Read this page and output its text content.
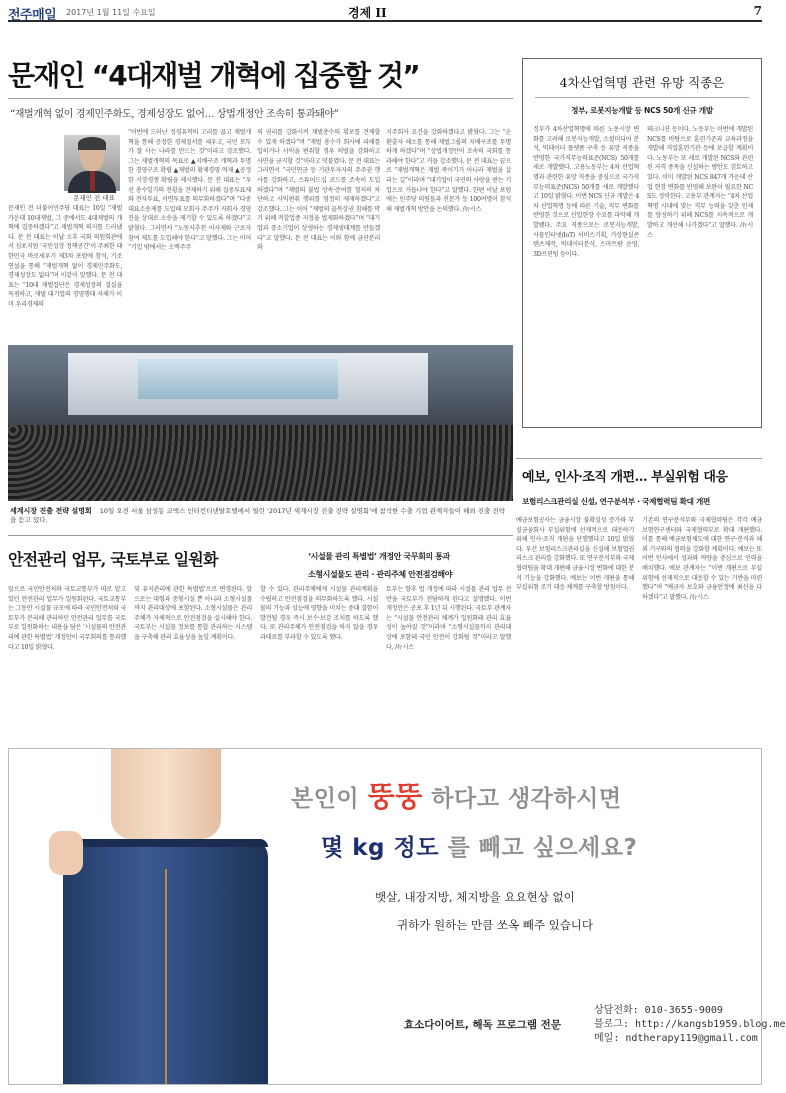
전주매일 2017년 1월 11일 수요일	경제 II	7
문재인 “4대재벌 개혁에 집중할 것”

“재벌개혁 없이 경제민주화도, 경제성장도 없어… 상법개정안 조속히 통과돼야”

문재인 전 대표
문재인 전 더불어민주당 대표는 10일 “재벌 가운데 10대재벌, 그 중에서도 4대재벌의 개혁에 집중하겠다”고 재벌개혁 의지를 드러냈다. 문 전 대표는 이날 오후 국회 의원회관에서 심포지엄 ‘국민성장 정책공간’이 주최한 대한민국 바로세우기 제3차 포럼에 참석, 기조연설을 통해 “재벌개혁 없이 경제민주화도, 경제성장도 없다”며 이같이 말했다. 문 전 대표는 “10대 재벌집단은 경제성장의 결실을 독점하고, 재벌 대기업의 경영행태 자체가 이미 우리경제의
“이번에 드러난 정경유착의 고리를 끊고 재벌개혁을 통해 공정한 경제질서를 세우고, 국민 모두가 잘 사는 나라를 만드는 것”이라고 강조했다. 그는 재벌개혁의 목표로 ▲지배구조 개혁과 투명한 경영구조 확립 ▲재벌의 황제경영 억제 ▲공정한 시장경쟁 확립을 제시했다. 문 전 대표는 “우선 총수일가의 전횡을 견제하기 위해 집중투표제와 전자투표, 서면투표를 의무화하겠다”며 “다중대표소송제를 도입해 모회사 주주가 자회사 경영진을 상대로 소송을 제기할 수 있도록 하겠다”고 밝혔다. 그러면서 “노동자추천 이사제와 근로자 참여 제도를 도입해야 한다”고 말했다. 그는 이어 “기업 밖에서는 소액주주
의 권리를 강화시켜 재벌총수의 횡포를 견제할 수 있게 하겠다”며 “재벌 총수가 회사에 피해를 입히거나 사익을 편취할 경우 처벌을 강화하고 사면을 금지할 것”이라고 덧붙였다. 문 전 대표는 그러면서 “국민연금 등 기관투자자의 주주권 행사를 강화하고, 스튜어드십 코드를 조속히 도입하겠다”며 “재벌의 불법 상속·증여를 철저히 차단하고 사익편취 행위를 엄정히 제재하겠다”고 강조했다. 그는 이어 “재벌의 골목상권 침해를 막기 위해 적합업종 지정을 법제화하겠다”며 “대기업과 중소기업이 상생하는 경제생태계를 만들겠다”고 말했다. 문 전 대표는 이와 함께 금산분리와
지주회사 요건을 강화하겠다고 밝혔다. 그는 “순환출자 해소를 통해 재벌그룹의 지배구조를 투명하게 하겠다”며 “상법개정안이 조속히 국회를 통과해야 한다”고 거듭 강조했다. 문 전 대표는 끝으로 “재벌개혁은 재벌 죽이기가 아니라 재벌을 살리는 길”이라며 “대기업이 국민의 사랑을 받는 기업으로 거듭나야 한다”고 말했다. 한편 이날 포럼에는 민주당 의원들과 전문가 등 100여명이 참석해 재벌개혁 방안을 논의했다. /뉴시스
세계시장 진출 전략 설명회 10일 오전 서울 삼성동 코엑스 인터컨티넨탈호텔에서 열린 ‘2017년 세계시장 진출 전략 설명회’에 참석한 수출 기업 관계자들이 해외 진출 전략을 듣고 있다.
4차산업혁명 관련 유망 직종은
정부, 로봇지능개발 등 NCS 50개 신규 개발
정부가 4차산업혁명에 따른 노동시장 변화를 고려해 로봇지능개발, 소셜미디어 분석, 빅데이터 플랫폼 구축 등 유망 직종을 반영한 국가직무능력표준(NCS) 50개를 새로 개발했다. 고용노동부는 4차 산업혁명과 관련한 유망 직종을 중심으로 국가직무능력표준(NCS) 50개를 새로 개발했다고 10일 밝혔다. 이번 NCS 신규 개발은 4차 산업혁명 등에 따른 기술, 직무 변화를 반영한 것으로 산업현장 수요를 파악해 개발됐다. 주요 직종으로는 로봇지능개발, 사물인터넷(IoT) 서비스기획, 가상현실콘텐츠제작, 빅데이터분석, 스마트팜 운영, 3D프린팅 등이다.
테크니션 등이다. 노동부는 이번에 개발된 NCS를 바탕으로 훈련기준과 교육과정을 개발해 직업훈련기관 등에 보급할 계획이다. 노동부는 또 새로 개발된 NCS와 관련된 자격 종목을 신설하는 방안도 검토하고 있다. 이미 개발된 NCS 847개 가운데 산업 현장 변화를 반영해 보완이 필요한 NCS도 정비한다. 고용부 관계자는 “4차 산업혁명 시대에 맞는 직무 능력을 갖춘 인재를 양성하기 위해 NCS를 지속적으로 개발하고 개선해 나가겠다”고 말했다. /뉴시스
예보, 인사·조직 개편… 부실위험 대응

보험리스크관리실 신설, 연구분석부 · 국제협력팀 확대 개편

예금보험공사는 금융시장 불확실성 증가와 부실금융회사 부실위험에 선제적으로 대응하기 위해 인사·조직 개편을 단행했다고 10일 밝혔다. 우선 보험리스크관리실을 신설해 보험업권 리스크 관리를 강화했다. 또 연구분석부와 국제협력팀을 확대 개편해 금융시장 변화에 대한 분석 기능을 강화했다. 예보는 이번 개편을 통해 부실위험 조기 대응 체계를 구축할 방침이다.
기존의 연구분석부와 국제협력팀은 각각 예금보험연구센터와 국제협력부로 확대 개편했다. 이를 통해 예금보험제도에 대한 연구·분석과 해외 기구와의 협력을 강화할 계획이다. 예보는 또 이번 인사에서 성과와 역량을 중심으로 인력을 배치했다. 예보 관계자는 “이번 개편으로 부실위험에 선제적으로 대응할 수 있는 기반을 마련했다”며 “예금자 보호와 금융안정에 최선을 다하겠다”고 말했다. /뉴시스
안전관리 업무, 국토부로 일원화	‘시설물 관리 특별법’ 개정안 국무회의 통과
소형시설물도 관리 · 관리주체 안전점검해야
앞으로 국민안전처와 국토교통부가 따로 맡고 있던 안전관리 업무가 일원화된다. 국토교통부는 그동안 시설물 규모에 따라 국민안전처와 국토부가 분리해 관리하던 안전관리 업무를 국토부로 일원화하는 내용을 담은 ‘시설물의 안전관리에 관한 특별법’ 개정안이 국무회의를 통과했다고 10일 밝혔다.
및 유지관리에 관한 특별법’으로 변경된다. 앞으로는 대형과 중형시설 뿐 아니라 소형시설물까지 관리대상에 포함된다. 소형시설물은 관리주체가 자체적으로 안전점검을 실시해야 한다. 국토부는 시설물 정보를 통합 관리하는 시스템을 구축해 관리 효율성을 높일 계획이다.
할 수 있다. 관리주체에게 시설물 관리계획을 수립하고 안전점검을 의무화하도록 했다. 시설물의 기능과 성능에 영향을 미치는 중대 결함이 발견될 경우 즉시 보수·보강 조치를 하도록 했다. 또 관리주체가 안전점검을 하지 않을 경우 과태료를 부과할 수 있도록 했다.
토부는 향후 법 개정에 따라 시설물 관리 업무 전반을 국토부가 전담하게 된다고 설명했다. 이번 개정안은 공포 후 1년 뒤 시행된다. 국토부 관계자는 “시설물 안전관리 체계가 일원화돼 관리 효율성이 높아질 것”이라며 “소형시설물까지 관리대상에 포함돼 국민 안전이 강화될 것”이라고 말했다. /뉴시스
본인이 뚱뚱 하다고 생각하시면
몇 kg 정도 를 빼고 싶으세요?
뱃살, 내장지방, 체지방을 요요현상 없이
귀하가 원하는 만큼 쏘옥 빼주 있습니다
효소다이어트, 해독 프로그램 전문
상담전화: 010-3655-9009
블로그: http://kangsb1959.blog.me
메일: ndtherapy119@gmail.com
